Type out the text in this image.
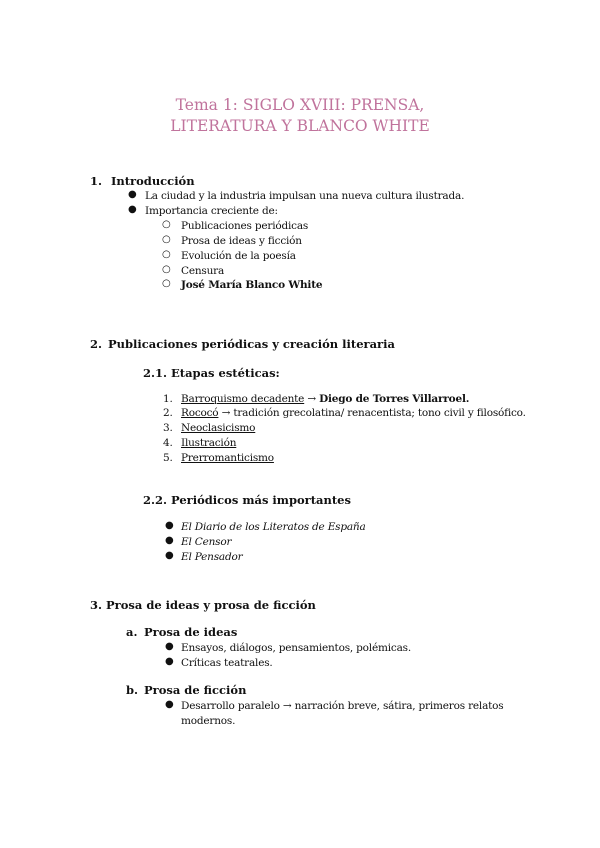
Tema 1: SIGLO XVIII: PRENSA,
LITERATURA Y BLANCO WHITE
1. Introducción
● La ciudad y la industria impulsan una nueva cultura ilustrada.
● Importancia creciente de:
○ Publicaciones periódicas
○ Prosa de ideas y ficción
○ Evolución de la poesía
○ Censura
○ José María Blanco White
2. Publicaciones periódicas y creación literaria
2.1. Etapas estéticas:
1. Barroquismo decadente → Diego de Torres Villarroel.
2. Rococó → tradición grecolatina/ renacentista; tono civil y filosófico.
3. Neoclasicismo
4. Ilustración
5. Prerromanticismo
2.2. Periódicos más importantes
● El Diario de los Literatos de España
● El Censor
● El Pensador
3. Prosa de ideas y prosa de ficción
a. Prosa de ideas
● Ensayos, diálogos, pensamientos, polémicas.
● Críticas teatrales.
b. Prosa de ficción
● Desarrollo paralelo → narración breve, sátira, primeros relatos
modernos.
